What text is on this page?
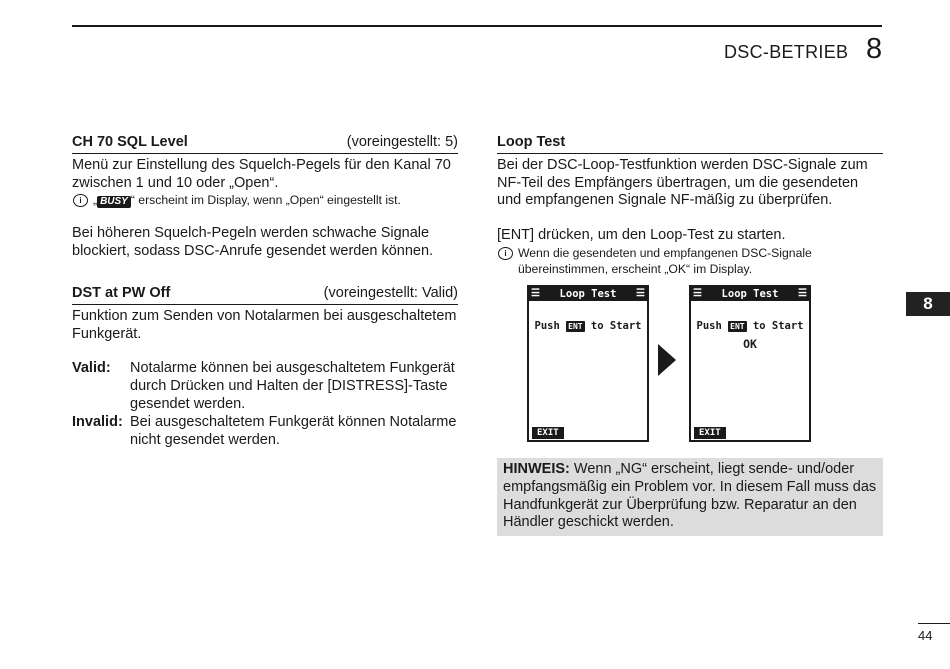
DSC-BETRIEB 8
8
CH 70 SQL Level	(voreingestellt: 5)

Menü zur Einstellung des Squelch-Pegels für den Kanal 70 zwischen 1 und 10 oder „Open“.

i „ BUSY “ erscheint im Display, wenn „Open“ eingestellt ist.

Bei höheren Squelch-Pegeln werden schwache Signale blockiert, sodass DSC-Anrufe gesendet werden können.

DST at PW Off	(voreingestellt: Valid)

Funktion zum Senden von Notalarmen bei ausgeschaltetem Funkgerät.

Valid:	Notalarme können bei ausgeschaltetem Funkgerät durch Drücken und Halten der [DISTRESS]-Taste gesendet werden.
Invalid: Bei ausgeschaltetem Funkgerät können Notalarme nicht gesendet werden.
Loop Test

Bei der DSC-Loop-Testfunktion werden DSC-Signale zum NF-Teil des Empfängers übertragen, um die gesendeten und empfangenen Signale NF-mäßig zu überprüfen.

[ENT] drücken, um den Loop-Test zu starten.

i Wenn die gesendeten und empfangenen DSC-Signale übereinstimmen, erscheint „OK“ im Display.
☰ Loop Test ☰
Push ENT to Start
EXIT
☰ Loop Test ☰
Push ENT to Start
OK
EXIT
HINWEIS: Wenn „NG“ erscheint, liegt sende- und/oder empfangsmäßig ein Problem vor. In diesem Fall muss das Handfunkgerät zur Überprüfung bzw. Reparatur an den Händler geschickt werden.
44
